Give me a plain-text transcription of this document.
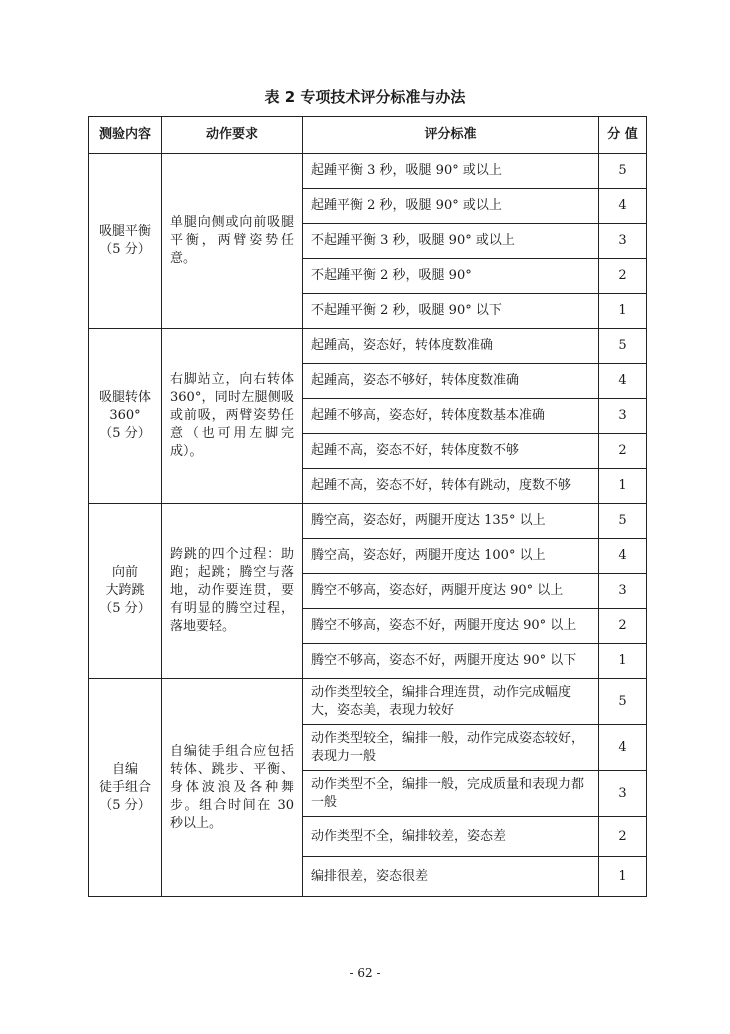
表 2 专项技术评分标准与办法
测验内容	动作要求	评分标准	分 值

吸腿平衡
（5 分）	单腿向侧或向前吸腿平衡，两臂姿势任意。	起踵平衡 3 秒，吸腿 90° 或以上	5
		起踵平衡 2 秒，吸腿 90° 或以上	4
		不起踵平衡 3 秒，吸腿 90° 或以上	3
		不起踵平衡 2 秒，吸腿 90°	2
		不起踵平衡 2 秒，吸腿 90° 以下	1

吸腿转体
360°
（5 分）	右脚站立，向右转体 360°，同时左腿侧吸或前吸，两臂姿势任意（也可用左脚完成）。	起踵高，姿态好，转体度数准确	5
		起踵高，姿态不够好，转体度数准确	4
		起踵不够高，姿态好，转体度数基本准确	3
		起踵不高，姿态不好，转体度数不够	2
		起踵不高，姿态不好，转体有跳动，度数不够	1

向前
大跨跳
（5 分）	跨跳的四个过程：助跑；起跳；腾空与落地，动作要连贯，要有明显的腾空过程，落地要轻。	腾空高，姿态好，两腿开度达 135° 以上	5
		腾空高，姿态好，两腿开度达 100° 以上	4
		腾空不够高，姿态好，两腿开度达 90° 以上	3
		腾空不够高，姿态不好，两腿开度达 90° 以上	2
		腾空不够高，姿态不好，两腿开度达 90° 以下	1

自编
徒手组合
（5 分）	自编徒手组合应包括转体、跳步、平衡、身体波浪及各种舞步。组合时间在 30 秒以上。	动作类型较全，编排合理连贯，动作完成幅度大，姿态美，表现力较好	5
		动作类型较全，编排一般，动作完成姿态较好，表现力一般	4
		动作类型不全，编排一般，完成质量和表现力都一般	3
		动作类型不全，编排较差，姿态差	2
		编排很差，姿态很差	1
- 62 -
